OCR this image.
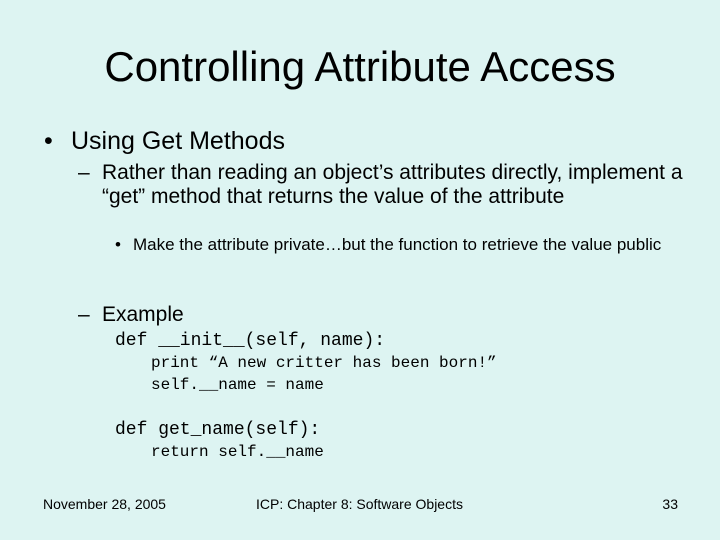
Controlling Attribute Access
• Using Get Methods
– Rather than reading an object’s attributes directly, implement a “get” method that returns the value of the attribute
• Make the attribute private…but the function to retrieve the value public
– Example
def __init__(self, name):
print “A new critter has been born!”
self.__name = name
def get_name(self):
return self.__name
November 28, 2005	ICP: Chapter 8: Software Objects	33
